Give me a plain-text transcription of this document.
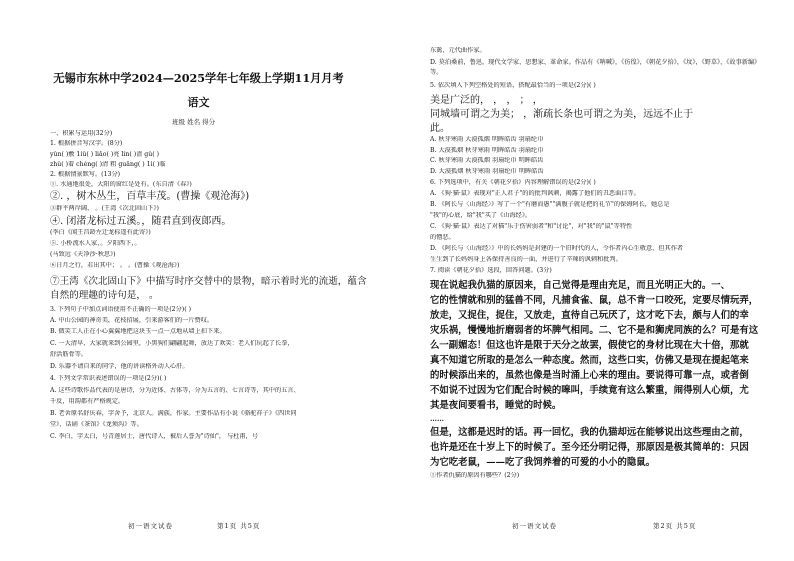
无锡市东林中学2024—2025学年七年级上学期11月月考
语文
班级 姓名 得分
一、积累与运用(32分)
1. 根据拼音写汉字。(8分)
yǔn( )敷 1iǔ( ) liǎo( )亮 lìn( )啬 gǔ( )
zhǔ( )着 chéng( )清 粗 guǎng( ) 1ì( )临
2. 根据情景默写。(13分)
①. 水通地很处，大阳的窗红是处有。(东自清《春》)
②. ，树木丛生，百草丰茂。(曹操《观沧海》)
③群平两岸阔， 。(王湾《次北固山下》)
④. 闭渚龙标过五溪。，随君直到夜郎西。
(李白《闻王昌龄左迁龙标遥有此寄》)
⑤. 小桥流水人家，。夕阳西下，。
(马致远《天净沙·秋思》)
⑥日月之行，若出其中； 。 。(曹操《观沧海》)
⑦王湾《次北固山下》中描写时序交替中的景物，暗示着时光的流逝，蕴含
自然的理趣的诗句是， 。
3. 下列句子中加点词语使用不正确的一项是(2分)( )
A. 中山公园的神奇美，花枝招展，引来游客们的一片赞叹。
B. 微笑工人正在小心翼翼地把这块玉一点一点地从墙上扣下来。
C. 一大清早，大家就来到公园里，小黑狗们翩翩起舞，放达了欢笑：老人们玩起了长拳，
舒活筋骨等。
D. 乐器不请自来的同学，他的讲读格外动人心肝。
4. 下列文学常识表述错误的一项是(2分)( )
A. 这些诗歌作品代表的是唐诗，分为近体、古体等，分为五言的、七言诗等，其中的五言、
千反，用韵都有严格规定。
B. 老舍原名舒庆春，字舍予，北京人。满族，作家。主要作品有小说《骆驼祥子》《四世同
堂》，话剧《茶馆》《龙须沟》等。
C. 李白，字太白，号青莲居士，唐代诗人，被后人誉为"诗仙"， 与杜甫，号
初一语文试卷	第1页 共5页
东篱，元代曲作家。
D. 莫泊桑前，鲁迅，现代文学家、思想家、革命家。作品有《呐喊》，《彷徨》，《朝花夕拾》，《坟》，《野草》，《故事新编》等。
5. 依次填入下列空格处的短语，搭配最恰当的一项是(2分)( )
美是广泛的， ， ， ； ，
同城墙可谓之为美； ，渐疏长条也可谓之为美，远远不止于
此。
A. 秋芽寒雨 大漠孤烟 明眸皓齿 羽扇纶巾
B. 大漠孤烟 秋芽寒雨 明眸皓齿 羽扇纶巾
C. 秋芽寒雨 大漠孤烟 羽扇纶巾 明眸皓齿
D. 大漠孤烟 秋芽寒雨 羽扇纶巾 明眸皓齿
6. 下列选项中，有关《朝花夕拾》内容理解错误的是(2分)( )
A. 《狗·猫·鼠》表现对"正人君子"的的批判讽刺，揭露了他们的丑恶面目等。
B. 《阿长与〈山海经〉》写了一个"有磨而愚""满腹子就是把的礼节"的保姆阿长，她总是
"我"的心底，给"我"买了《山海经》。
C. 《狗·猫·鼠》表达了对猫"乐于伤害弱者"和"讨论"，对"我"的"鼠"等特性
的憎恶。
D. 《阿长与〈山海经〉》中的长妈妈是封建的一个旧时代的人，令作者内心生敬意，但其作者
生生到了长妈妈身上各保持善良的一面，并进行了辛辣的讽刺和批判。
7. 阅读《朝花夕拾》选段，回答问题。(3分)
现在说起我仇猫的原因来，自己觉得是理由充足，而且光明正大的。一、
它的性情就和别的猛兽不同，凡捕食雀、鼠，总不肯一口咬死，定要尽情玩弄，
放走，又捉住，捉住，又放走，直待自己玩厌了，这才吃下去，颇与人们的幸
灾乐祸，慢慢地折磨弱者的坏脾气相同。二、它不是和狮虎同族的么？可是有这
么一副媚态！但这也许是限于天分之故罢，假使它的身材比现在大十倍，那就
真不知道它所取的是怎么一种态度。然而，这些口实，仿佛又是现在提起笔来
的时候添出来的，虽然也像是当时涌上心来的理由。要说得可靠一点，或者倒
不如说不过因为它们配合时候的嗥叫，手续竟有这么繁重，闹得别人心烦，尤
其是夜间要看书，睡觉的时候。
……
但是，这都是迟时的话。再一回忆，我的仇猫却远在能够说出这些理由之前，
也许是还在十岁上下的时候了。至今还分明记得，那原因是极其简单的：只因
为它吃老鼠，——吃了我饲养着的可爱的小小的隐鼠。
①作者仇猫的原因有哪些？(2分)
初一语文试卷	第2页 共5页
